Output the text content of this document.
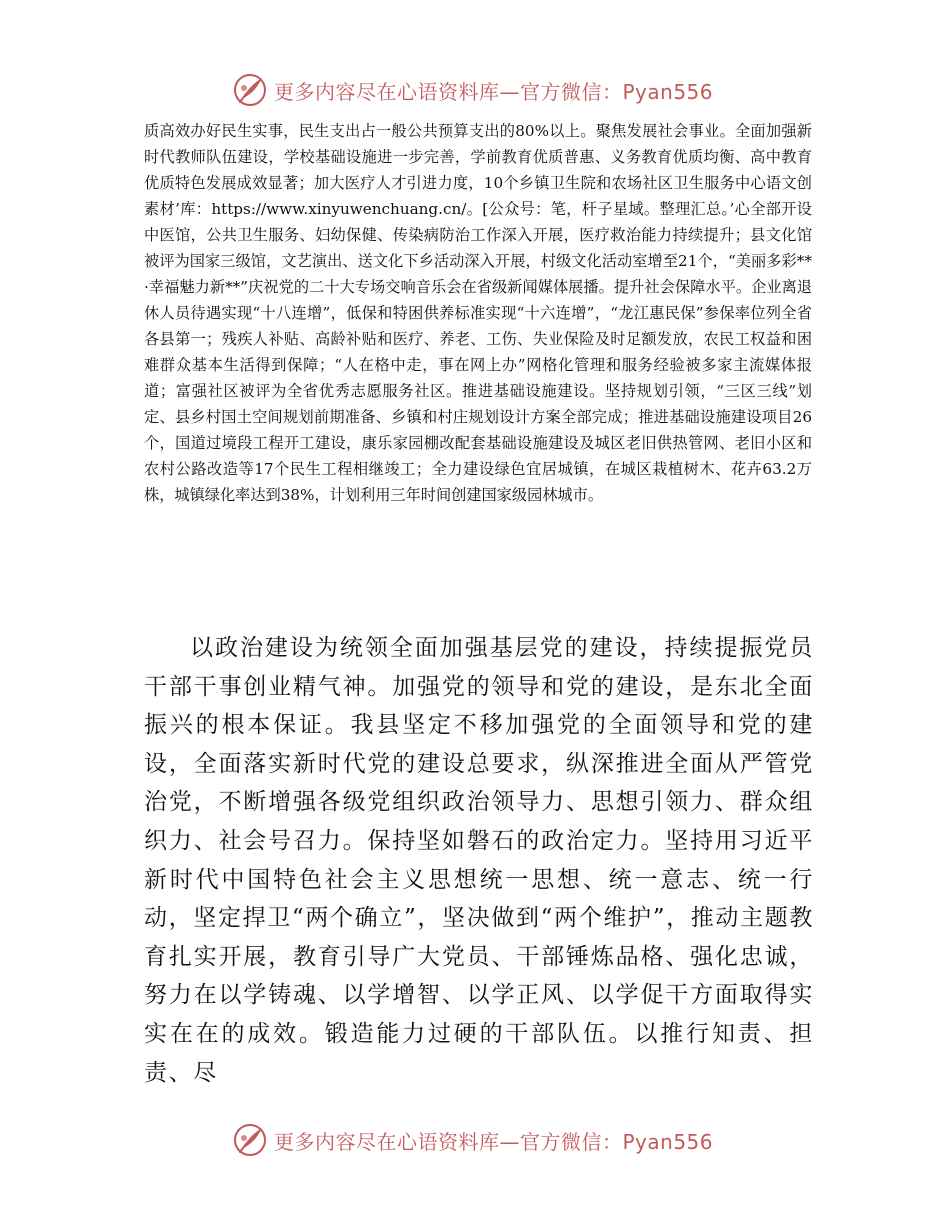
更多内容尽在心语资料库—官方微信：Pyan556
质高效办好民生实事，民生支出占一般公共预算支出的80%以上。聚焦发展社会事业。全面加强新时代教师队伍建设，学校基础设施进一步完善，学前教育优质普惠、义务教育优质均衡、高中教育优质特色发展成效显著；加大医疗人才引进力度，10个乡镇卫生院和农场社区卫生服务中心语文创素材’库：https://www.xinyuwenchuang.cn/。[公众号：笔，杆子星域。整理汇总。’心全部开设中医馆，公共卫生服务、妇幼保健、传染病防治工作深入开展，医疗救治能力持续提升；县文化馆被评为国家三级馆，文艺演出、送文化下乡活动深入开展，村级文化活动室增至21个，“美丽多彩**·幸福魅力新**”庆祝党的二十大专场交响音乐会在省级新闻媒体展播。提升社会保障水平。企业离退休人员待遇实现“十八连增”，低保和特困供养标准实现“十六连增”，“龙江惠民保”参保率位列全省各县第一；残疾人补贴、高龄补贴和医疗、养老、工伤、失业保险及时足额发放，农民工权益和困难群众基本生活得到保障；“人在格中走，事在网上办”网格化管理和服务经验被多家主流媒体报道；富强社区被评为全省优秀志愿服务社区。推进基础设施建设。坚持规划引领，“三区三线”划定、县乡村国土空间规划前期准备、乡镇和村庄规划设计方案全部完成；推进基础设施建设项目26个，国道过境段工程开工建设，康乐家园棚改配套基础设施建设及城区老旧供热管网、老旧小区和农村公路改造等17个民生工程相继竣工；全力建设绿色宜居城镇，在城区栽植树木、花卉63.2万株，城镇绿化率达到38%，计划利用三年时间创建国家级园林城市。
以政治建设为统领全面加强基层党的建设，持续提振党员干部干事创业精气神。加强党的领导和党的建设，是东北全面振兴的根本保证。我县坚定不移加强党的全面领导和党的建设，全面落实新时代党的建设总要求，纵深推进全面从严管党治党，不断增强各级党组织政治领导力、思想引领力、群众组织力、社会号召力。保持坚如磐石的政治定力。坚持用习近平新时代中国特色社会主义思想统一思想、统一意志、统一行动，坚定捍卫“两个确立”，坚决做到“两个维护”，推动主题教育扎实开展，教育引导广大党员、干部锤炼品格、强化忠诚，努力在以学铸魂、以学增智、以学正风、以学促干方面取得实实在在的成效。锻造能力过硬的干部队伍。以推行知责、担责、尽
更多内容尽在心语资料库—官方微信：Pyan556
